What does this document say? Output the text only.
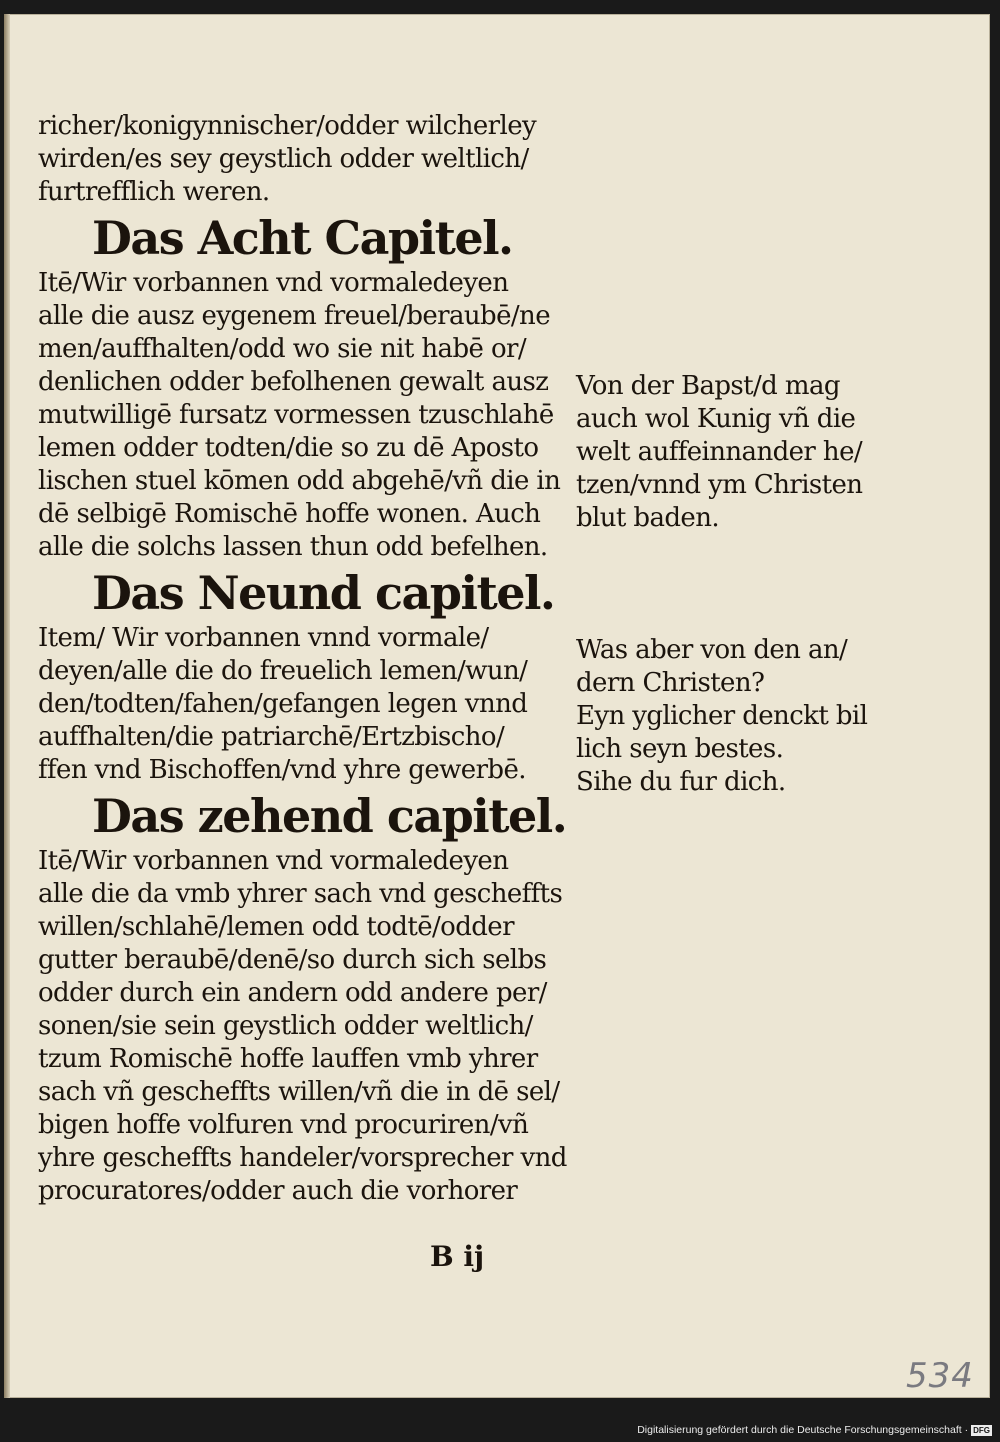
richer/konigynnischer/odder wilcherley
wirden/es sey geystlich odder weltlich/
furtrefflich weren.
Das Acht Capitel.
Itē/Wir vorbannen vnd vormaledeyen
alle die ausz eygenem freuel/beraubē/ne
men/auffhalten/odd wo sie nit habē or/
denlichen odder befolhenen gewalt ausz
mutwilligē fursatz vormessen tzuschlahē
lemen odder todten/die so zu dē Aposto
lischen stuel kōmen odd abgehē/vñ die in
dē selbigē Romischē hoffe wonen. Auch
alle die solchs lassen thun odd befelhen.
Das Neund capitel.
Item/ Wir vorbannen vnnd vormale/
deyen/alle die do freuelich lemen/wun/
den/todten/fahen/gefangen legen vnnd
auffhalten/die patriarchē/Ertzbischo/
ffen vnd Bischoffen/vnd yhre gewerbē.
Das zehend capitel.
Itē/Wir vorbannen vnd vormaledeyen
alle die da vmb yhrer sach vnd gescheffts
willen/schlahē/lemen odd todtē/odder
gutter beraubē/denē/so durch sich selbs
odder durch ein andern odd andere per/
sonen/sie sein geystlich odder weltlich/
tzum Romischē hoffe lauffen vmb yhrer
sach vñ gescheffts willen/vñ die in dē sel/
bigen hoffe volfuren vnd procuriren/vñ
yhre gescheffts handeler/vorsprecher vnd
procuratores/odder auch die vorhorer
Von der Bapst/d mag
auch wol Kunig vñ die
welt auffeinnander he/
tzen/vnnd ym Christen
blut baden.
Was aber von den an/
dern Christen?
Eyn yglicher denckt bil
lich seyn bestes.
Sihe du fur dich.
B ij
534
Digitalisierung gefördert durch die Deutsche Forschungsgemeinschaft · DFG
